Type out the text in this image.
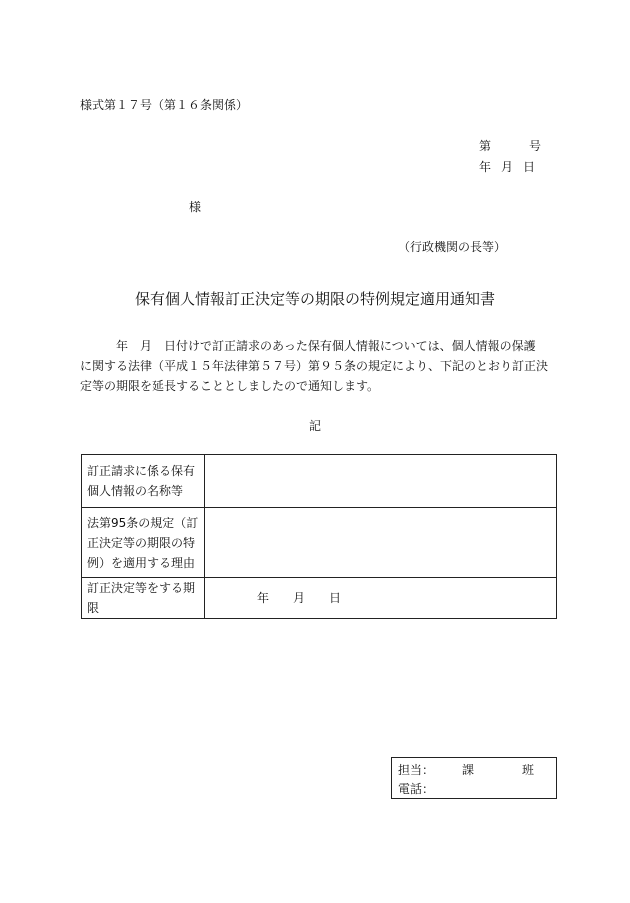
様式第１７号（第１６条関係）
第	号
年 月 日
様
（行政機関の長等）
保有個人情報訂正決定等の期限の特例規定適用通知書

　　　年　月　日付けで訂正請求のあった保有個人情報については、個人情報の保護

に関する法律（平成１５年法律第５７号）第９５条の規定により、下記のとおり訂正決

定等の期限を延長することとしましたので通知します。

記
訂正請求に係る保有
個人情報の名称等	

法第95条の規定（訂
正決定等の期限の特
例）を適用する理由	

訂正決定等をする期
限	年　　月　　日
担当： 課	班
電話：
